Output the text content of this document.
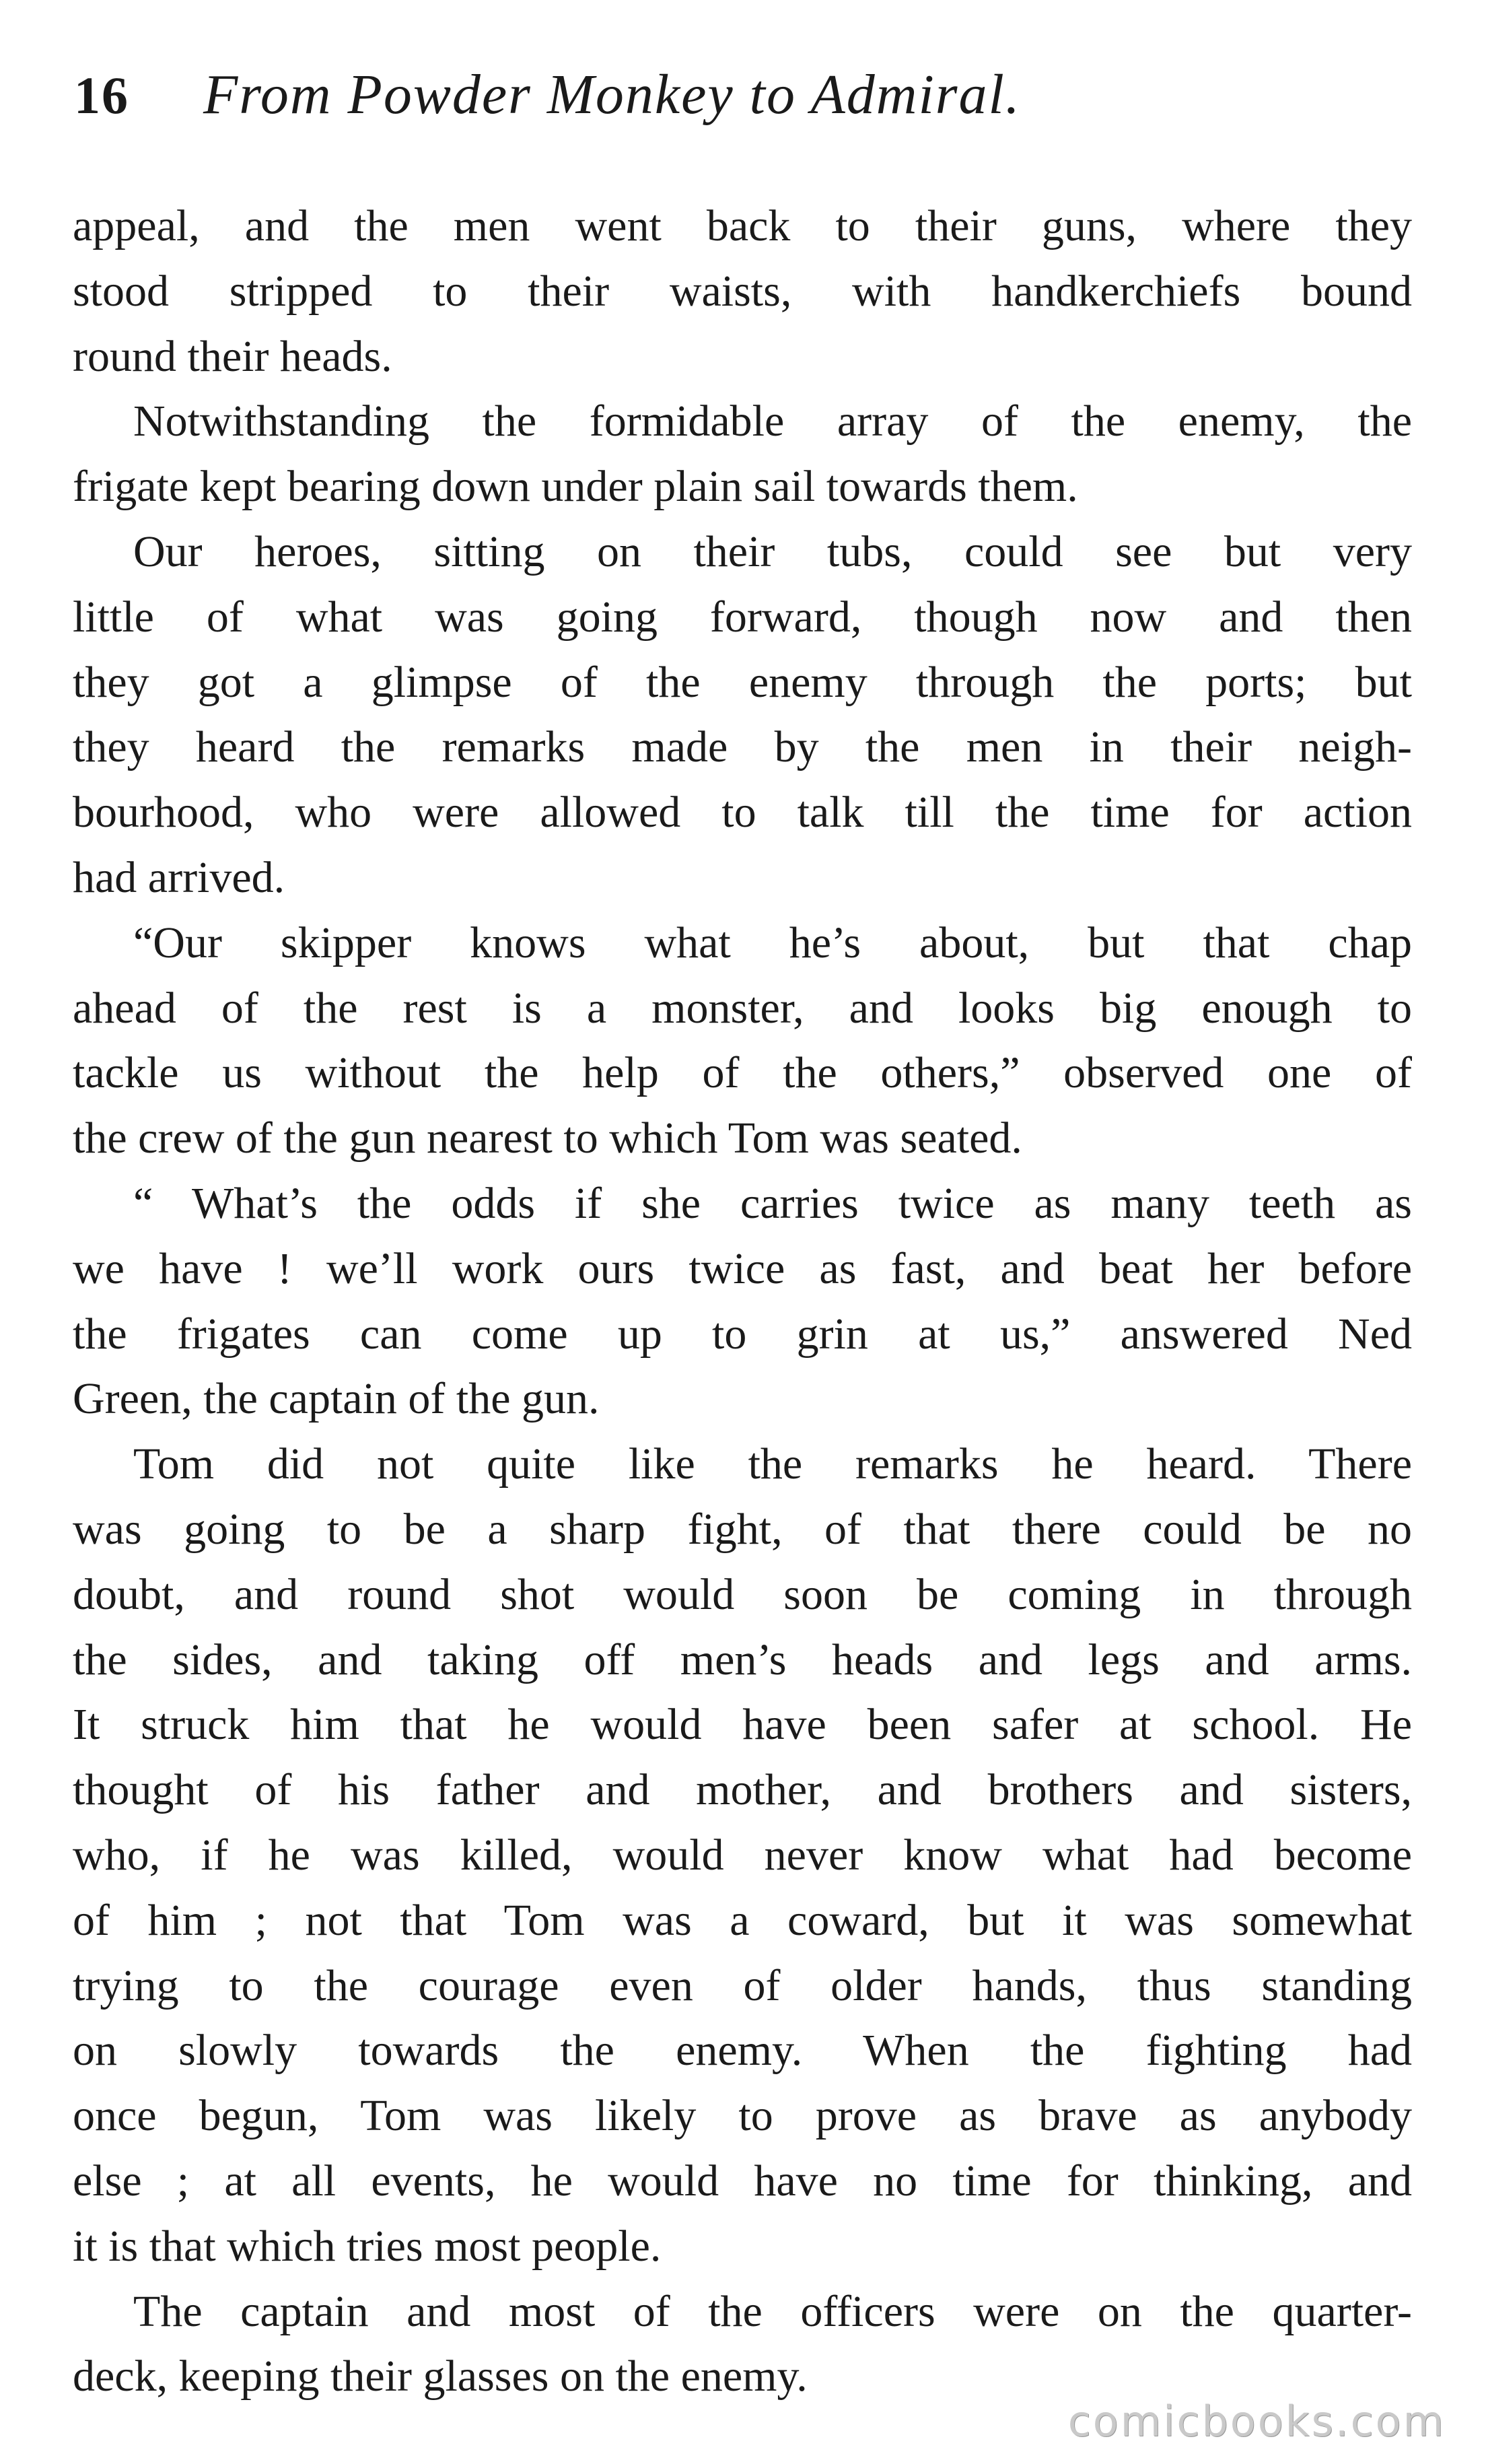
16 From Powder Monkey to Admiral.
appeal, and the men went back to their guns, where they
stood stripped to their waists, with handkerchiefs bound
round their heads.
Notwithstanding the formidable array of the enemy, the
frigate kept bearing down under plain sail towards them.
Our heroes, sitting on their tubs, could see but very
little of what was going forward, though now and then
they got a glimpse of the enemy through the ports; but
they heard the remarks made by the men in their neigh-
bourhood, who were allowed to talk till the time for action
had arrived.
“Our skipper knows what he’s about, but that chap
ahead of the rest is a monster, and looks big enough to
tackle us without the help of the others,” observed one of
the crew of the gun nearest to which Tom was seated.
“ What’s the odds if she carries twice as many teeth as
we have ! we’ll work ours twice as fast, and beat her before
the frigates can come up to grin at us,” answered Ned
Green, the captain of the gun.
Tom did not quite like the remarks he heard. There
was going to be a sharp fight, of that there could be no
doubt, and round shot would soon be coming in through
the sides, and taking off men’s heads and legs and arms.
It struck him that he would have been safer at school. He
thought of his father and mother, and brothers and sisters,
who, if he was killed, would never know what had become
of him ; not that Tom was a coward, but it was somewhat
trying to the courage even of older hands, thus standing
on slowly towards the enemy. When the fighting had
once begun, Tom was likely to prove as brave as anybody
else ; at all events, he would have no time for thinking, and
it is that which tries most people.
The captain and most of the officers were on the quarter-
deck, keeping their glasses on the enemy.
comicbooks.com
